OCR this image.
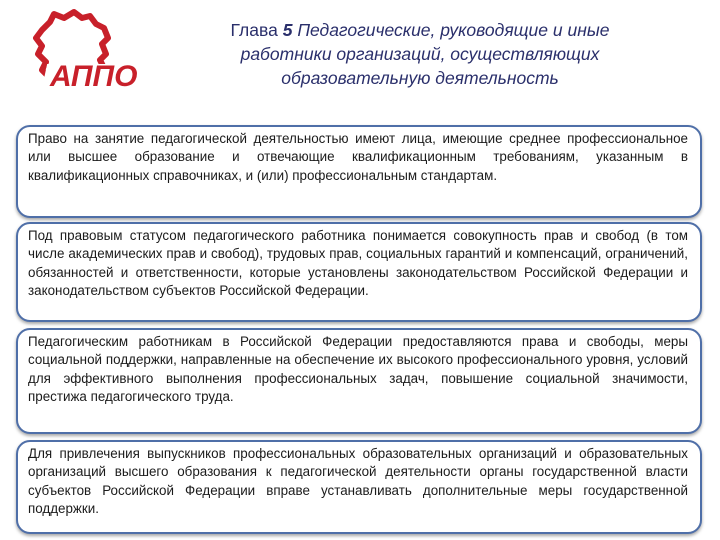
АППО
Глава 5 Педагогические, руководящие и иные
работники организаций, осуществляющих
образовательную деятельность
Право на занятие педагогической деятельностью имеют лица, имеющие среднее профессиональное или высшее образование и отвечающие квалификационным требованиям, указанным в квалификационных справочниках, и (или) профессиональным стандартам.
Под правовым статусом педагогического работника понимается совокупность прав и свобод (в том числе академических прав и свобод), трудовых прав, социальных гарантий и компенсаций, ограничений, обязанностей и ответственности, которые установлены законодательством Российской Федерации и законодательством субъектов Российской Федерации.
Педагогическим работникам в Российской Федерации предоставляются права и свободы, меры социальной поддержки, направленные на обеспечение их высокого профессионального уровня, условий для эффективного выполнения профессиональных задач, повышение социальной значимости, престижа педагогического труда.
Для привлечения выпускников профессиональных образовательных организаций и образовательных организаций высшего образования к педагогической деятельности органы государственной власти субъектов Российской Федерации вправе устанавливать дополнительные меры государственной поддержки.
